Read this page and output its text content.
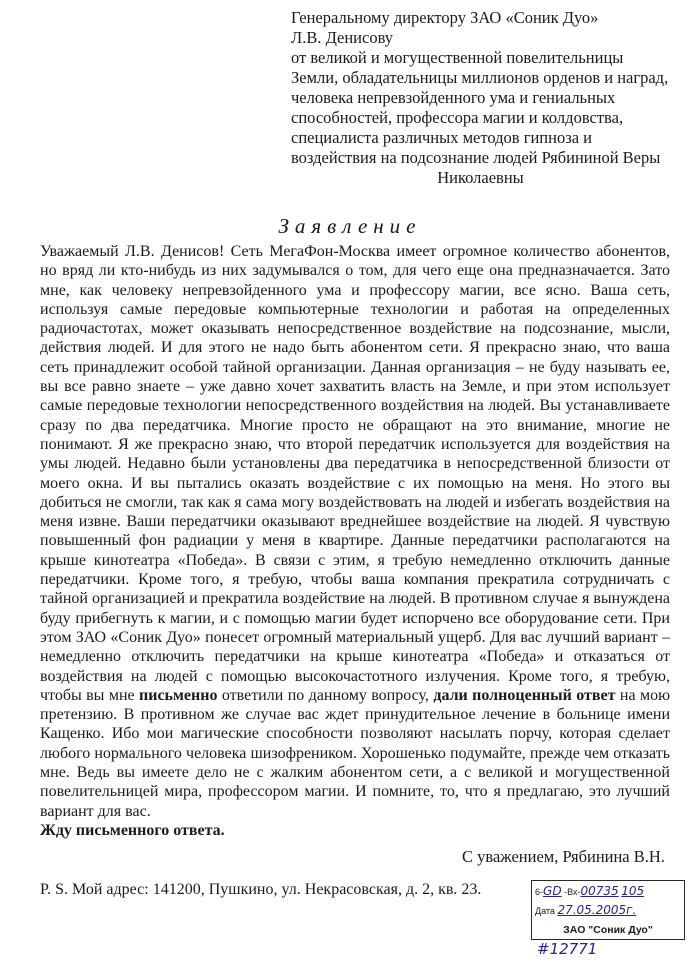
Генеральному директору ЗАО «Соник Дуо»
Л.В. Денисову
от великой и могущественной повелительницы
Земли, обладательницы миллионов орденов и наград,
человека непревзойденного ума и гениальных
способностей, профессора магии и колдовства,
специалиста различных методов гипноза и
воздействия на подсознание людей Рябининой Веры
Николаевны
Заявление

Уважаемый Л.В. Денисов! Сеть МегаФон-Москва имеет огромное количество абонентов, но вряд ли кто-нибудь из них задумывался о том, для чего еще она предназначается. Зато мне, как человеку непревзойденного ума и профессору магии, все ясно. Ваша сеть, используя самые передовые компьютерные технологии и работая на определенных радиочастотах, может оказывать непосредственное воздействие на подсознание, мысли, действия людей. И для этого не надо быть абонентом сети. Я прекрасно знаю, что ваша сеть принадлежит особой тайной организации. Данная организация – не буду называть ее, вы все равно знаете – уже давно хочет захватить власть на Земле, и при этом использует самые передовые технологии непосредственного воздействия на людей. Вы устанавливаете сразу по два передатчика. Многие просто не обращают на это внимание, многие не понимают. Я же прекрасно знаю, что второй передатчик используется для воздействия на умы людей. Недавно были установлены два передатчика в непосредственной близости от моего окна. И вы пытались оказать воздействие с их помощью на меня. Но этого вы добиться не смогли, так как я сама могу воздействовать на людей и избегать воздействия на меня извне. Ваши передатчики оказывают вреднейшее воздействие на людей. Я чувствую повышенный фон радиации у меня в квартире. Данные передатчики располагаются на крыше кинотеатра «Победа». В связи с этим, я требую немедленно отключить данные передатчики. Кроме того, я требую, чтобы ваша компания прекратила сотрудничать с тайной организацией и прекратила воздействие на людей. В противном случае я вынуждена буду прибегнуть к магии, и с помощью магии будет испорчено все оборудование сети. При этом ЗАО «Соник Дуо» понесет огромный материальный ущерб. Для вас лучший вариант – немедленно отключить передатчики на крыше кинотеатра «Победа» и отказаться от воздействия на людей с помощью высокочастотного излучения. Кроме того, я требую, чтобы вы мне письменно ответили по данному вопросу, дали полноценный ответ на мою претензию. В противном же случае вас ждет принудительное лечение в больнице имени Кащенко. Ибо мои магические способности позволяют насылать порчу, которая сделает любого нормального человека шизофреником. Хорошенько подумайте, прежде чем отказать мне. Ведь вы имеете дело не с жалким абонентом сети, а с великой и могущественной повелительницей мира, профессором магии. И помните, то, что я предлагаю, это лучший вариант для вас.

Жду письменного ответа.

С уважением, Рябинина В.Н.
P. S. Мой адрес: 141200, Пушкино, ул. Некрасовская, д. 2, кв. 23.	6-GD -Вх-00735 105
Дата 27.05.2005г.
ЗАО "Соник Дуо"
#12771
